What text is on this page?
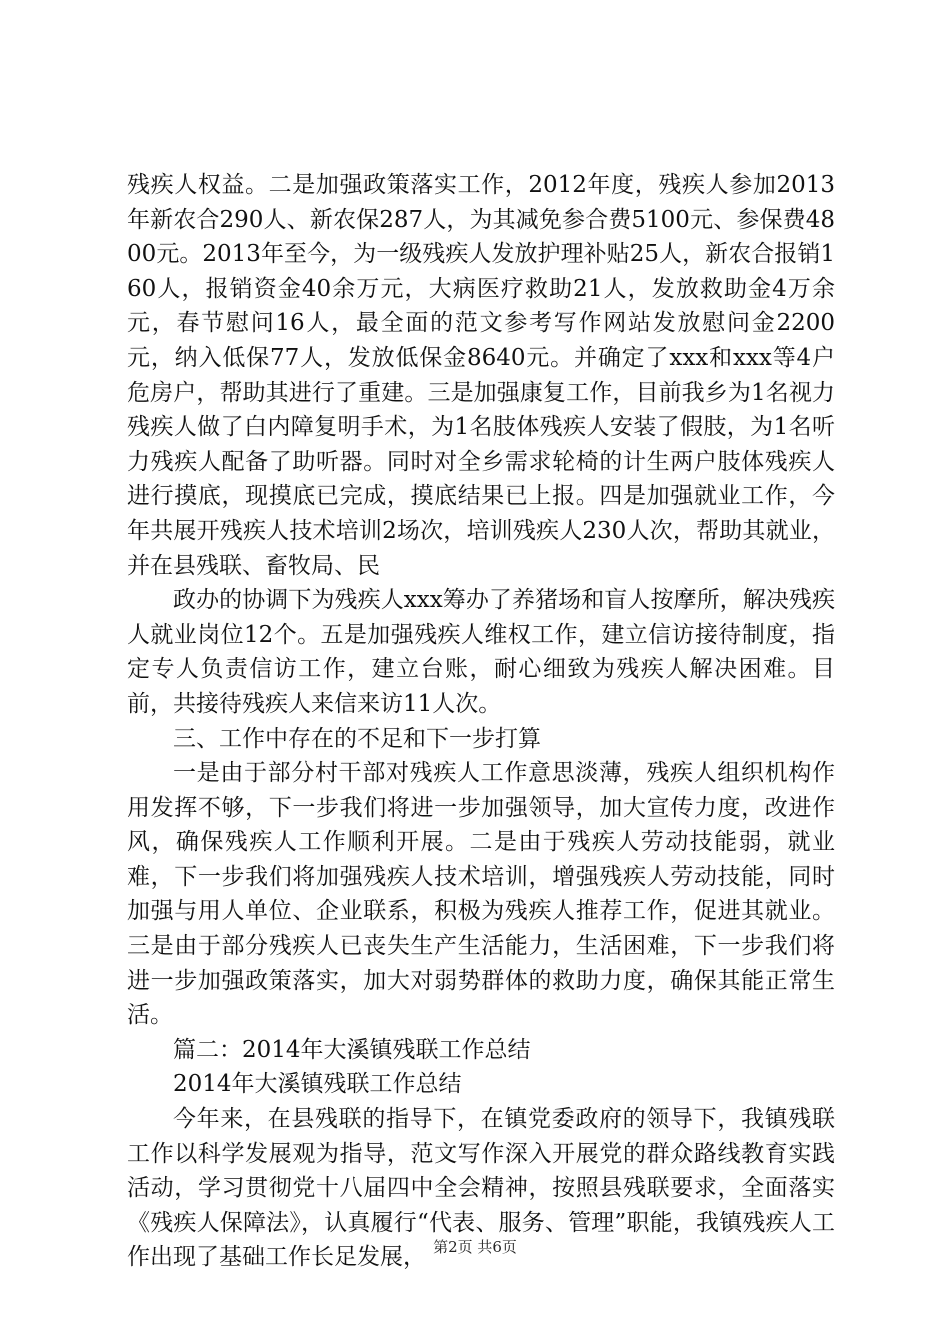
残疾人权益。二是加强政策落实工作，2012年度，残疾人参加2013年新农合290人、新农保287人，为其减免参合费5100元、参保费4800元。2013年至今，为一级残疾人发放护理补贴25人，新农合报销160人，报销资金40余万元，大病医疗救助21人，发放救助金4万余元，春节慰问16人，最全面的范文参考写作网站发放慰问金2200元，纳入低保77人，发放低保金8640元。并确定了xxx和xxx等4户危房户，帮助其进行了重建。三是加强康复工作，目前我乡为1名视力残疾人做了白内障复明手术，为1名肢体残疾人安装了假肢，为1名听力残疾人配备了助听器。同时对全乡需求轮椅的计生两户肢体残疾人进行摸底，现摸底已完成，摸底结果已上报。四是加强就业工作，今年共展开残疾人技术培训2场次，培训残疾人230人次，帮助其就业，并在县残联、畜牧局、民

政办的协调下为残疾人xxx筹办了养猪场和盲人按摩所，解决残疾人就业岗位12个。五是加强残疾人维权工作，建立信访接待制度，指定专人负责信访工作，建立台账，耐心细致为残疾人解决困难。目前，共接待残疾人来信来访11人次。

三、工作中存在的不足和下一步打算

一是由于部分村干部对残疾人工作意思淡薄，残疾人组织机构作用发挥不够，下一步我们将进一步加强领导，加大宣传力度，改进作风，确保残疾人工作顺利开展。二是由于残疾人劳动技能弱，就业难，下一步我们将加强残疾人技术培训，增强残疾人劳动技能，同时加强与用人单位、企业联系，积极为残疾人推荐工作，促进其就业。三是由于部分残疾人已丧失生产生活能力，生活困难，下一步我们将进一步加强政策落实，加大对弱势群体的救助力度，确保其能正常生活。

篇二：2014年大溪镇残联工作总结

2014年大溪镇残联工作总结

今年来，在县残联的指导下，在镇党委政府的领导下，我镇残联工作以科学发展观为指导，范文写作深入开展党的群众路线教育实践活动，学习贯彻党十八届四中全会精神，按照县残联要求，全面落实《残疾人保障法》，认真履行“代表、服务、管理”职能，我镇残疾人工作出现了基础工作长足发展， 第2页 共6页
